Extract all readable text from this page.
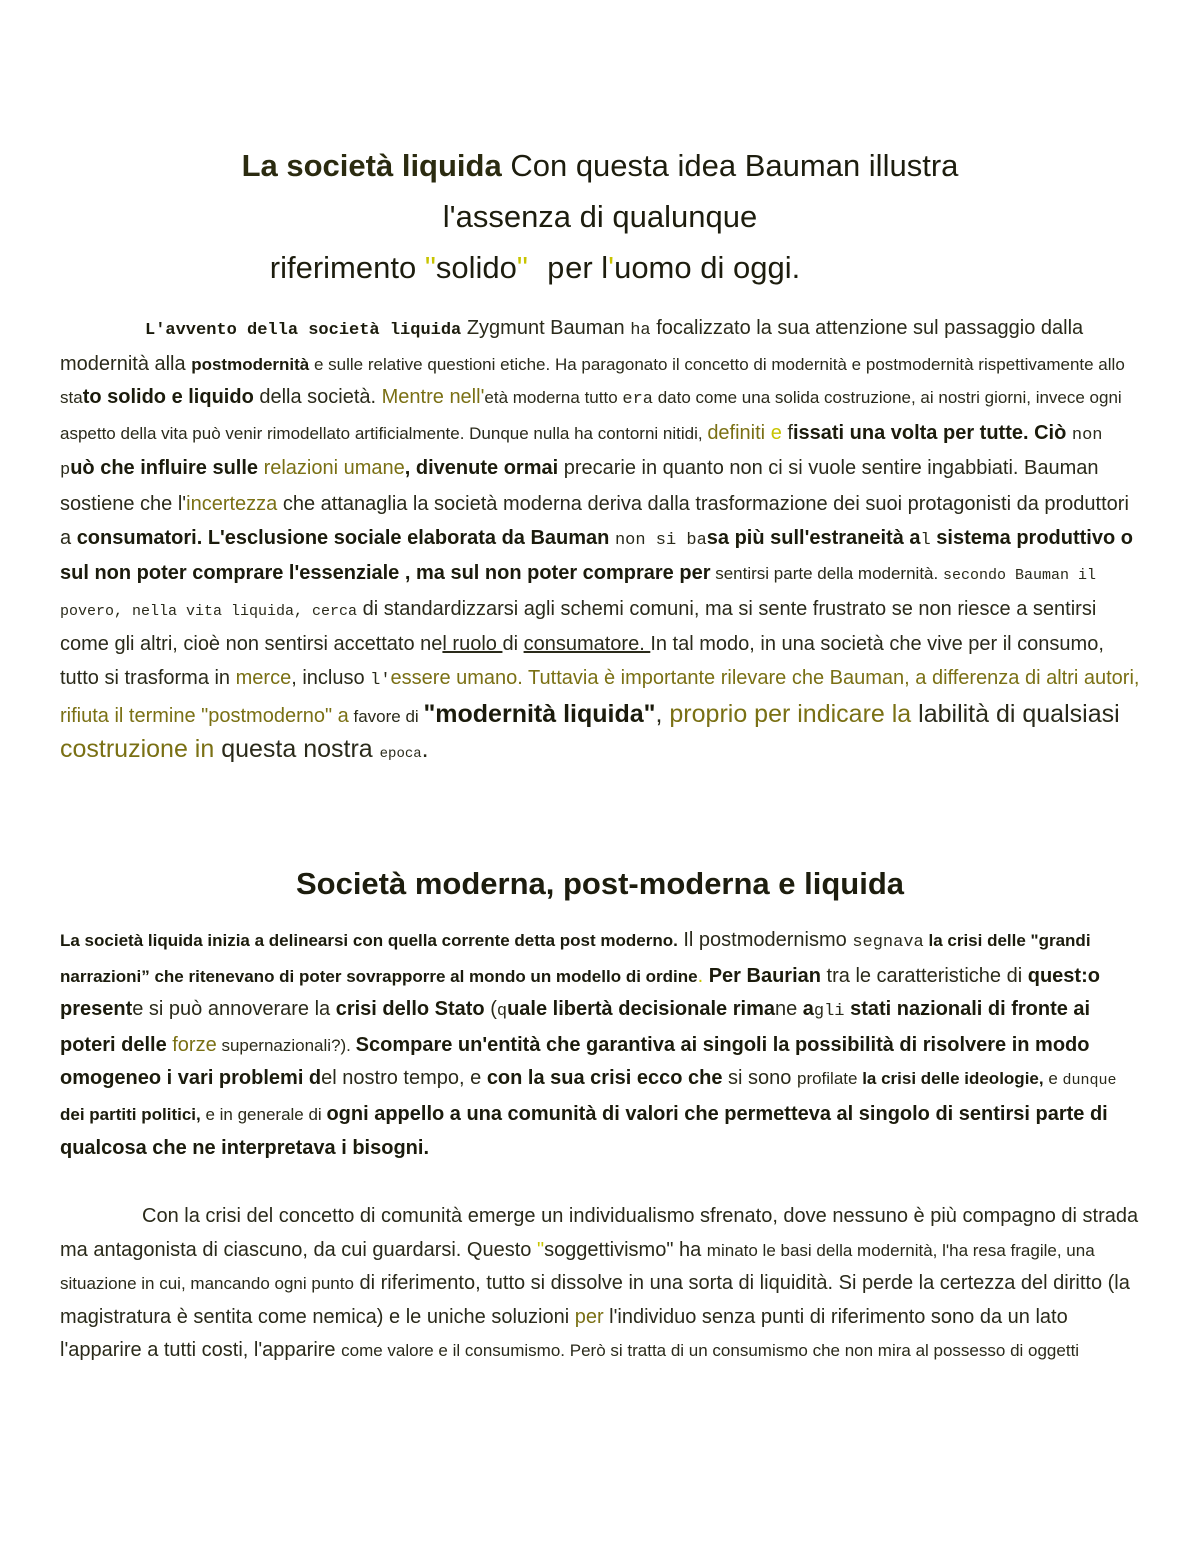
La società liquida Con questa idea Bauman illustra
l'assenza di qualunque
riferimento "solido" per l'uomo di oggi.
L'avvento della società liquida Zygmunt Bauman ha focalizzato la sua attenzione sul passaggio dalla modernità alla postmodernità e sulle relative questioni etiche. Ha paragonato il concetto di modernità e postmodernità rispettivamente allo stato solido e liquido della società. Mentre nell'età moderna tutto era dato come una solida costruzione, ai nostri giorni, invece ogni aspetto della vita può venir rimodellato artificialmente. Dunque nulla ha contorni nitidi, definiti e fissati una volta per tutte. Ciò non può che influire sulle relazioni umane, divenute ormai precarie in quanto non ci si vuole sentire ingabbiati. Bauman sostiene che l'incertezza che attanaglia la società moderna deriva dalla trasformazione dei suoi protagonisti da produttori a consumatori. L'esclusione sociale elaborata da Bauman non si basa più sull'estraneità al sistema produttivo o sul non poter comprare l'essenziale , ma sul non poter comprare per sentirsi parte della modernità. secondo Bauman il povero, nella vita liquida, cerca di standardizzarsi agli schemi comuni, ma si sente frustrato se non riesce a sentirsi come gli altri, cioè non sentirsi accettato nel ruolo di consumatore. In tal modo, in una società che vive per il consumo, tutto si trasforma in merce, incluso l'essere umano. Tuttavia è importante rilevare che Bauman, a differenza di altri autori, rifiuta il termine "postmoderno" a favore di "modernità liquida", proprio per indicare la labilità di qualsiasi costruzione in questa nostra epoca.
Società moderna, post-moderna e liquida
La società liquida inizia a delinearsi con quella corrente detta post moderno. Il postmodernismo segnava la crisi delle "grandi narrazioni” che ritenevano di poter sovrapporre al mondo un modello di ordine. Per Baurian tra le caratteristiche di quest:o presente si può annoverare la crisi dello Stato (quale libertà decisionale rimane agli stati nazionali di fronte ai poteri delle forze supernazionali?). Scompare un'entità che garantiva ai singoli la possibilità di risolvere in modo omogeneo i vari problemi del nostro tempo, e con la sua crisi ecco che si sono profilate la crisi delle ideologie, e dunque dei partiti politici, e in generale di ogni appello a una comunità di valori che permetteva al singolo di sentirsi parte di qualcosa che ne interpretava i bisogni.
Con la crisi del concetto di comunità emerge un individualismo sfrenato, dove nessuno è più compagno di strada ma antagonista di ciascuno, da cui guardarsi. Questo "soggettivismo" ha minato le basi della modernità, l'ha resa fragile, una situazione in cui, mancando ogni punto di riferimento, tutto si dissolve in una sorta di liquidità. Si perde la certezza del diritto (la magistratura è sentita come nemica) e le uniche soluzioni per l'individuo senza punti di riferimento sono da un lato l'apparire a tutti costi, l'apparire come valore e il consumismo. Però si tratta di un consumismo che non mira al possesso di oggetti
